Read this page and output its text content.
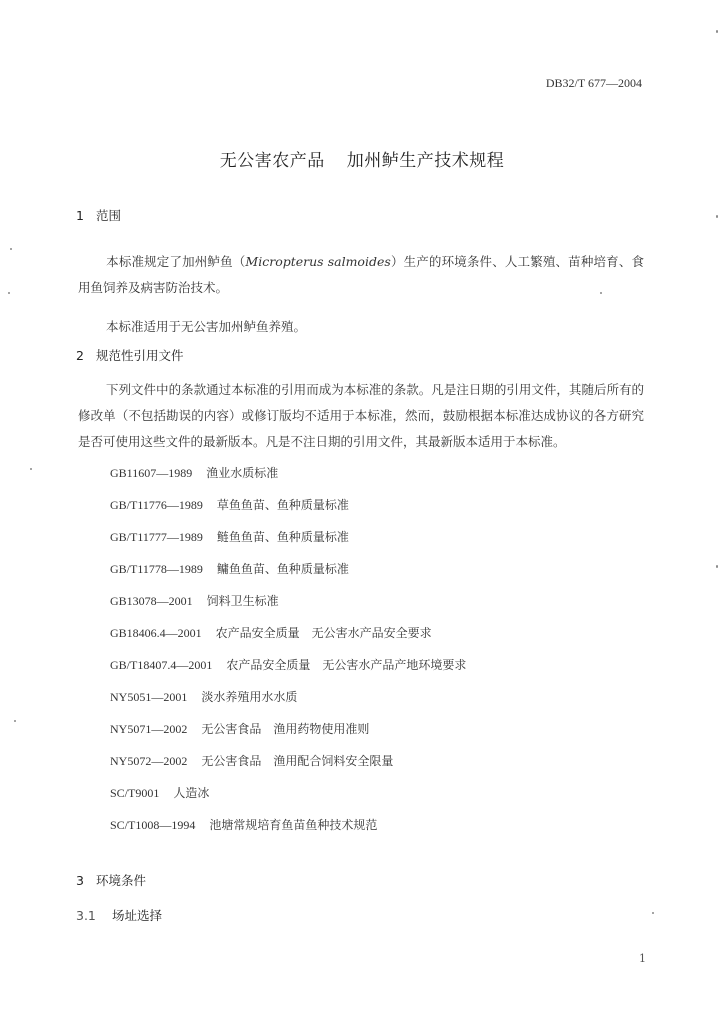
DB32/T 677—2004
无公害农产品 加州鲈生产技术规程
1 范围
本标准规定了加州鲈鱼（Micropterus salmoides）生产的环境条件、人工繁殖、苗种培育、食用鱼饲养及病害防治技术。
本标准适用于无公害加州鲈鱼养殖。
2 规范性引用文件
下列文件中的条款通过本标准的引用而成为本标准的条款。凡是注日期的引用文件，其随后所有的修改单（不包括勘误的内容）或修订版均不适用于本标准，然而，鼓励根据本标准达成协议的各方研究是否可使用这些文件的最新版本。凡是不注日期的引用文件，其最新版本适用于本标准。
GB11607—1989 渔业水质标准
GB/T11776—1989 草鱼鱼苗、鱼种质量标准
GB/T11777—1989 鲢鱼鱼苗、鱼种质量标准
GB/T11778—1989 鳙鱼鱼苗、鱼种质量标准
GB13078—2001 饲料卫生标准
GB18406.4—2001 农产品安全质量　无公害水产品安全要求
GB/T18407.4—2001 农产品安全质量　无公害水产品产地环境要求
NY5051—2001 淡水养殖用水水质
NY5071—2002 无公害食品　渔用药物使用准则
NY5072—2002 无公害食品　渔用配合饲料安全限量
SC/T9001 人造冰
SC/T1008—1994 池塘常规培育鱼苗鱼种技术规范
3 环境条件
3.1 场址选择
1
